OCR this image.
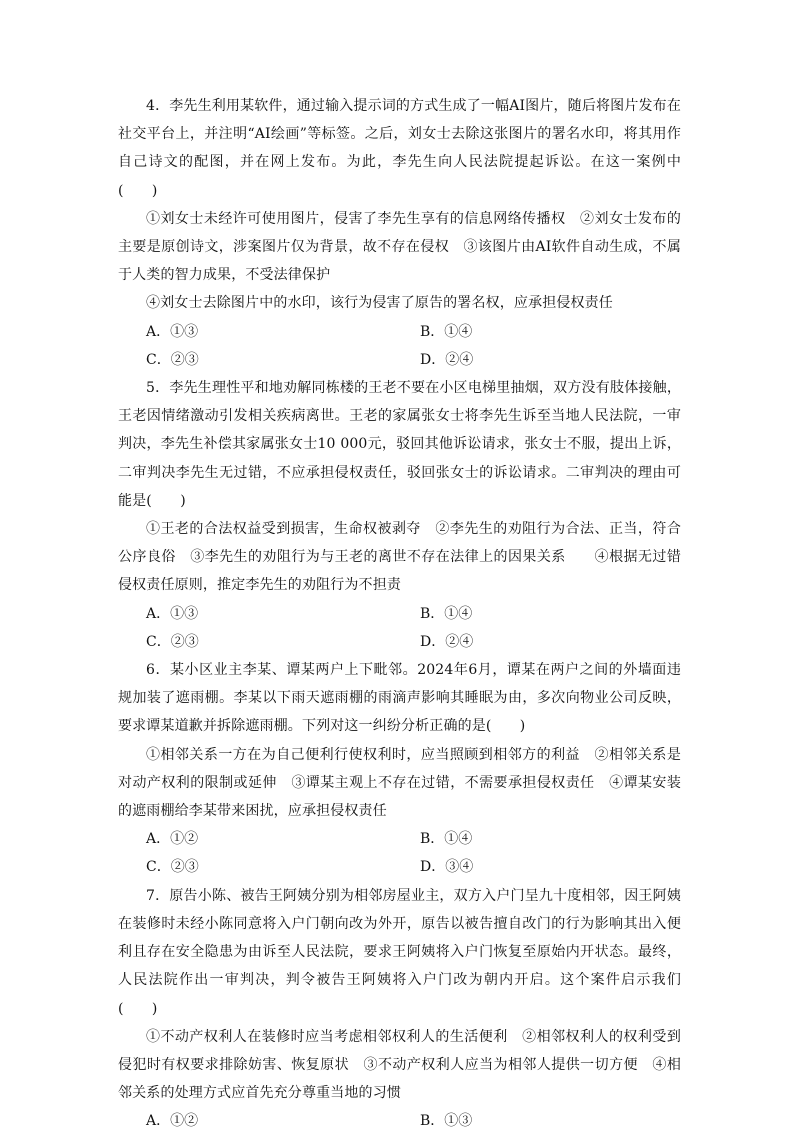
4．李先生利用某软件，通过输入提示词的方式生成了一幅AI图片，随后将图片发布在社交平台上，并注明“AI绘画”等标签。之后，刘女士去除这张图片的署名水印，将其用作自己诗文的配图，并在网上发布。为此，李先生向人民法院提起诉讼。在这一案例中(　　)

①刘女士未经许可使用图片，侵害了李先生享有的信息网络传播权　②刘女士发布的主要是原创诗文，涉案图片仅为背景，故不存在侵权　③该图片由AI软件自动生成，不属于人类的智力成果，不受法律保护

④刘女士去除图片中的水印，该行为侵害了原告的署名权，应承担侵权责任

A．①③	B．①④
C．②③	D．②④

5．李先生理性平和地劝解同栋楼的王老不要在小区电梯里抽烟，双方没有肢体接触，王老因情绪激动引发相关疾病离世。王老的家属张女士将李先生诉至当地人民法院，一审判决，李先生补偿其家属张女士10 000元，驳回其他诉讼请求，张女士不服，提出上诉，二审判决李先生无过错，不应承担侵权责任，驳回张女士的诉讼请求。二审判决的理由可能是(　　)

①王老的合法权益受到损害，生命权被剥夺　②李先生的劝阻行为合法、正当，符合公序良俗　③李先生的劝阻行为与王老的离世不存在法律上的因果关系　　④根据无过错侵权责任原则，推定李先生的劝阻行为不担责

A．①③	B．①④
C．②③	D．②④

6．某小区业主李某、谭某两户上下毗邻。2024年6月，谭某在两户之间的外墙面违规加装了遮雨棚。李某以下雨天遮雨棚的雨滴声影响其睡眠为由，多次向物业公司反映，要求谭某道歉并拆除遮雨棚。下列对这一纠纷分析正确的是(　　)

①相邻关系一方在为自己便利行使权利时，应当照顾到相邻方的利益　②相邻关系是对动产权利的限制或延伸　③谭某主观上不存在过错，不需要承担侵权责任　④谭某安装的遮雨棚给李某带来困扰，应承担侵权责任

A．①②	B．①④
C．②③	D．③④

7．原告小陈、被告王阿姨分别为相邻房屋业主，双方入户门呈九十度相邻，因王阿姨在装修时未经小陈同意将入户门朝向改为外开，原告以被告擅自改门的行为影响其出入便利且存在安全隐患为由诉至人民法院，要求王阿姨将入户门恢复至原始内开状态。最终，人民法院作出一审判决，判令被告王阿姨将入户门改为朝内开启。这个案件启示我们(　　)

①不动产权利人在装修时应当考虑相邻权利人的生活便利　②相邻权利人的权利受到侵犯时有权要求排除妨害、恢复原状　③不动产权利人应当为相邻人提供一切方便　④相邻关系的处理方式应首先充分尊重当地的习惯

A．①②	B．①③
